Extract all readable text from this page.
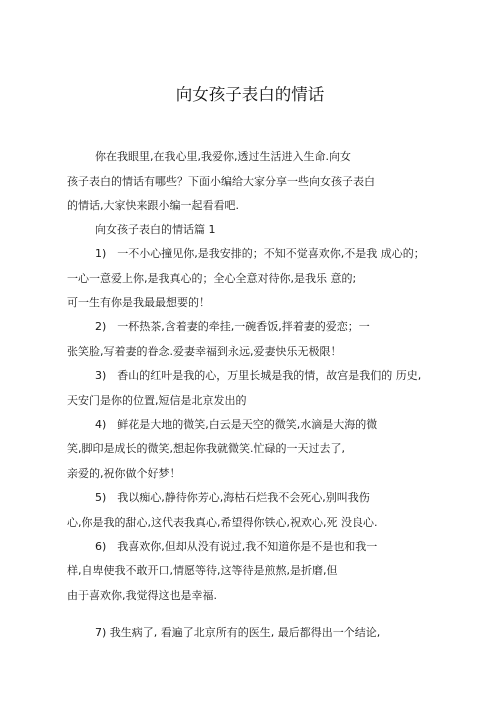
向女孩子表白的情话
你在我眼里,在我心里,我爱你,透过生活进入生命.向女
孩子表白的情话有哪些？下面小编给大家分享一些向女孩子表白
的情话,大家快来跟小编一起看看吧.
向女孩子表白的情话篇 1
1)　一不小心撞见你,是我安排的；不知不觉喜欢你,不是我 成心的；
一心一意爱上你,是我真心的；全心全意对待你,是我乐 意的;
可一生有你是我最最想要的！
2)　一杯热茶,含着妻的牵挂,一碗香饭,拌着妻的爱恋；一
张笑脸,写着妻的眷念.爱妻幸福到永远,爱妻快乐无极限！
3)　香山的红叶是我的心，万里长城是我的情，故宫是我们的 历史,
天安门是你的位置,短信是北京发出的
4)　鲜花是大地的微笑,白云是天空的微笑,水滴是大海的微
笑,脚印是成长的微笑,想起你我就微笑.忙碌的一天过去了,
亲爱的,祝你做个好梦！
5)　我以痴心,静待你芳心,海枯石烂我不会死心,别叫我伤
心,你是我的甜心,这代表我真心,希望得你铁心,祝欢心,死 没良心.
6)　我喜欢你,但却从没有说过,我不知道你是不是也和我一
样,自卑使我不敢开口,情愿等待,这等待是煎熬,是折磨,但
由于喜欢你,我觉得这也是幸福.
7) 我生病了, 看遍了北京所有的医生, 最后都得出一个结论,
